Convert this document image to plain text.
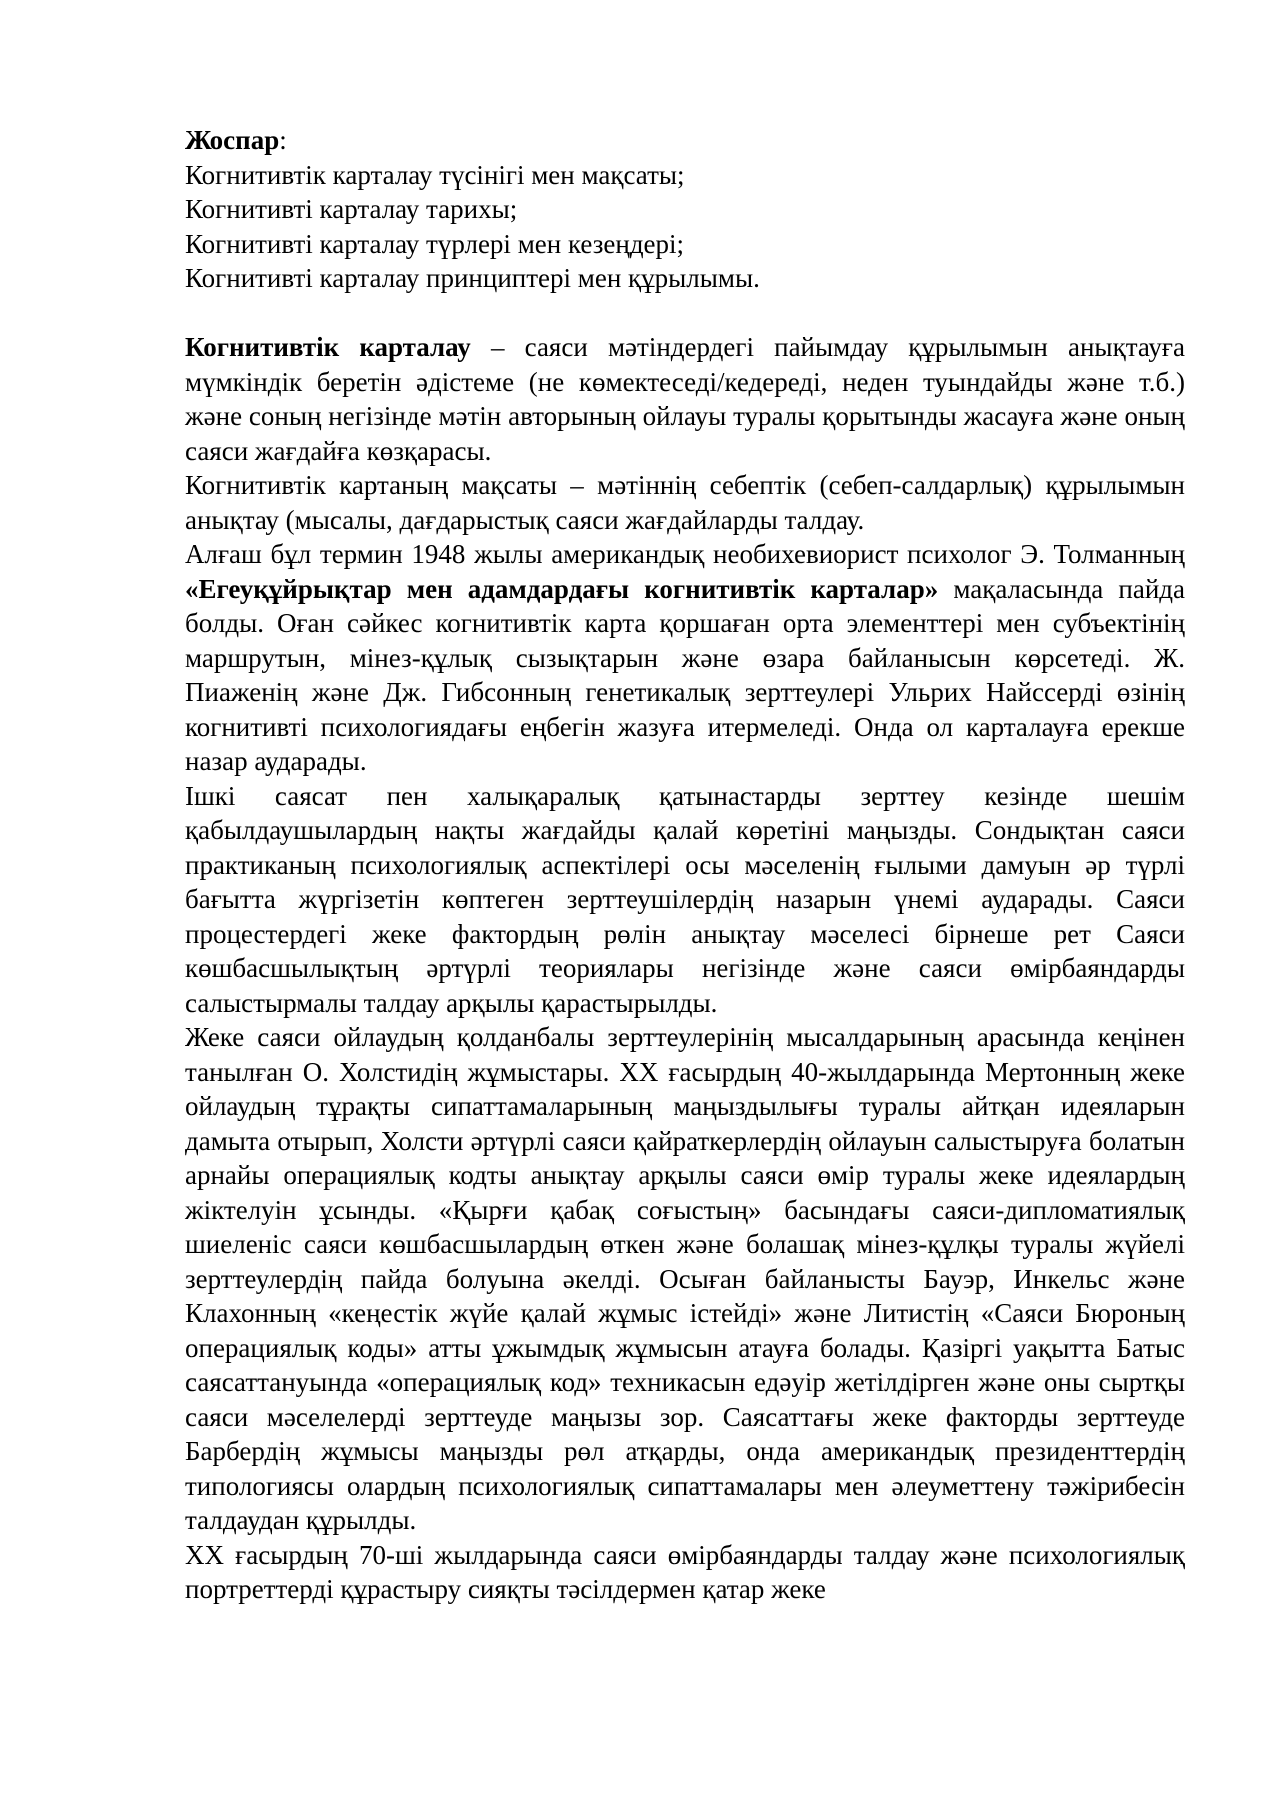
Жоспар:
Когнитивтік карталау түсінігі мен мақсаты;
Когнитивті карталау тарихы;
Когнитивті карталау түрлері мен кезеңдері;
Когнитивті карталау принциптері мен құрылымы.

Когнитивтік карталау – саяси мәтіндердегі пайымдау құрылымын анықтауға мүмкіндік беретін әдістеме (не көмектеседі/кедереді, неден туындайды және т.б.) және соның негізінде мәтін авторының ойлауы туралы қорытынды жасауға және оның саяси жағдайға көзқарасы.

Когнитивтік картаның мақсаты – мәтіннің себептік (себеп-салдарлық) құрылымын анықтау (мысалы, дағдарыстық саяси жағдайларды талдау.

Алғаш бұл термин 1948 жылы американдық необихевиорист психолог Э. Толманның «Егеуқұйрықтар мен адамдардағы когнитивтік карталар» мақаласында пайда болды. Оған сәйкес когнитивтік карта қоршаған орта элементтері мен субъектінің маршрутын, мінез-құлық сызықтарын және өзара байланысын көрсетеді. Ж. Пиаженің және Дж. Гибсонның генетикалық зерттеулері Ульрих Найссерді өзінің когнитивті психологиядағы еңбегін жазуға итермеледі. Онда ол карталауға ерекше назар аударады.

Ішкі саясат пен халықаралық қатынастарды зерттеу кезінде шешім қабылдаушылардың нақты жағдайды қалай көретіні маңызды. Сондықтан саяси практиканың психологиялық аспектілері осы мәселенің ғылыми дамуын әр түрлі бағытта жүргізетін көптеген зерттеушілердің назарын үнемі аударады. Саяси процестердегі жеке фактордың рөлін анықтау мәселесі бірнеше рет Саяси көшбасшылықтың әртүрлі теориялары негізінде және саяси өмірбаяндарды салыстырмалы талдау арқылы қарастырылды.

Жеке саяси ойлаудың қолданбалы зерттеулерінің мысалдарының арасында кеңінен танылған О. Холстидің жұмыстары. XX ғасырдың 40-жылдарында Мертонның жеке ойлаудың тұрақты сипаттамаларының маңыздылығы туралы айтқан идеяларын дамыта отырып, Холсти әртүрлі саяси қайраткерлердің ойлауын салыстыруға болатын арнайы операциялық кодты анықтау арқылы саяси өмір туралы жеке идеялардың жіктелуін ұсынды. «Қырғи қабақ соғыстың» басындағы саяси-дипломатиялық шиеленіс саяси көшбасшылардың өткен және болашақ мінез-құлқы туралы жүйелі зерттеулердің пайда болуына әкелді. Осыған байланысты Бауэр, Инкельс және Клахонның «кеңестік жүйе қалай жұмыс істейді» және Литистің «Саяси Бюроның операциялық коды» атты ұжымдық жұмысын атауға болады. Қазіргі уақытта Батыс саясаттануында «операциялық код» техникасын едәуір жетілдірген және оны сыртқы саяси мәселелерді зерттеуде маңызы зор. Саясаттағы жеке факторды зерттеуде Барбердің жұмысы маңызды рөл атқарды, онда американдық президенттердің типологиясы олардың психологиялық сипаттамалары мен әлеуметтену тәжірибесін талдаудан құрылды.

XX ғасырдың 70-ші жылдарында саяси өмірбаяндарды талдау және психологиялық портреттерді құрастыру сияқты тәсілдермен қатар жеке
